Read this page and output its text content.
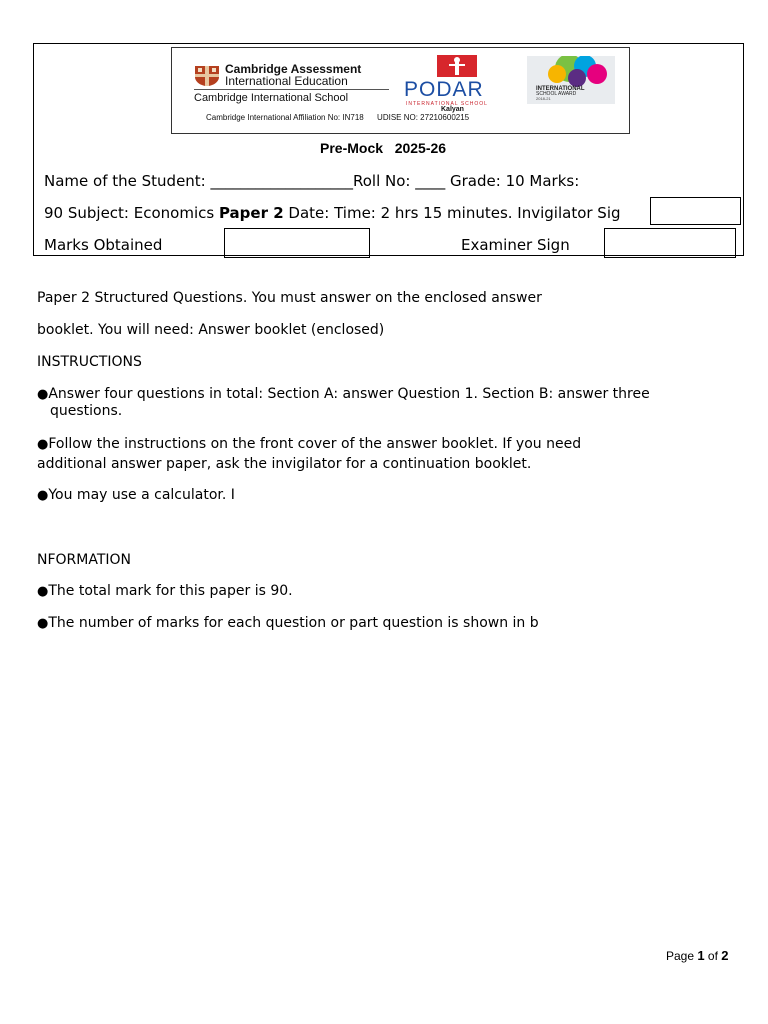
Cambridge Assessment
International Education
Cambridge International School	PODAR
INTERNATIONAL SCHOOL
Kalyan
INTERNATIONAL
SCHOOL AWARD
2018-21
Cambridge International Affiliation No: IN718      UDISE NO: 27210600215
Pre-Mock   2025-26
Name of the Student: ___________________Roll No: ____ Grade: 10 Marks:
90 Subject: Economics Paper 2 Date: Time: 2 hrs 15 minutes. Invigilator Sig
Marks Obtained	Examiner Sign
Paper 2 Structured Questions. You must answer on the enclosed answer
booklet. You will need: Answer booklet (enclosed)
INSTRUCTIONS
●Answer four questions in total: Section A: answer Question 1. Section B: answer three
questions.
●Follow the instructions on the front cover of the answer booklet. If you need
additional answer paper, ask the invigilator for a continuation booklet.
●You may use a calculator. I
NFORMATION
●The total mark for this paper is 90.
●The number of marks for each question or part question is shown in b
Page 1 of 2
